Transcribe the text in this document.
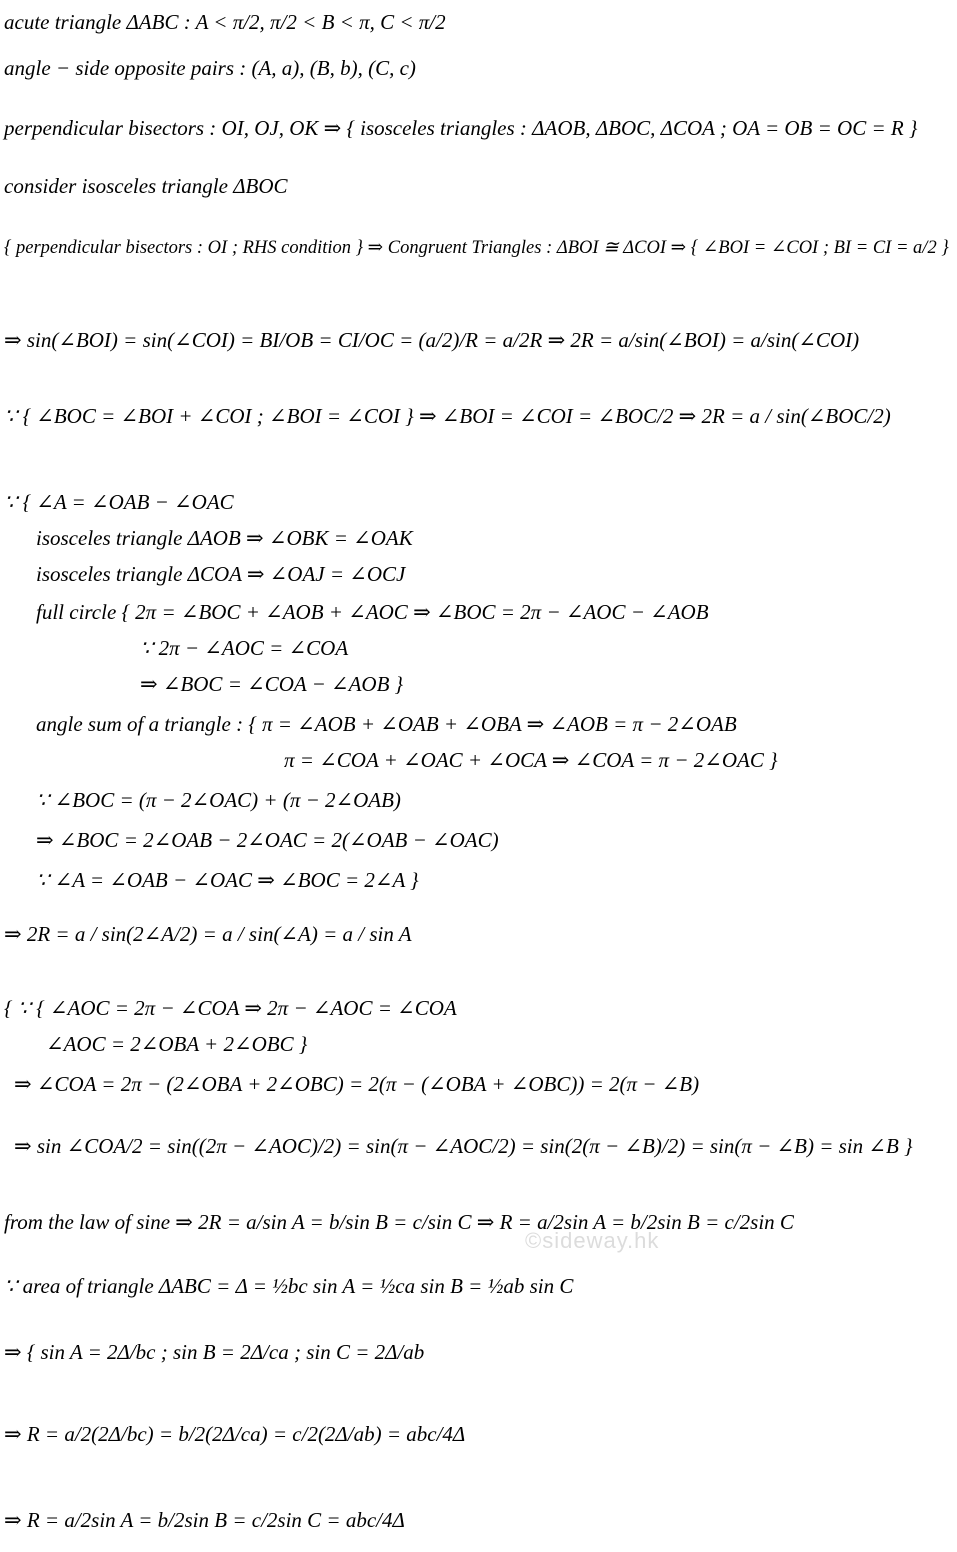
acute triangle ΔABC : A < π/2, π/2 < B < π, C < π/2
angle − side opposite pairs : (A, a), (B, b), (C, c)
perpendicular bisectors : OI, OJ, OK ⇒ { isosceles triangles : ΔAOB, ΔBOC, ΔCOA ; OA = OB = OC = R }
consider isosceles triangle ΔBOC
{ perpendicular bisectors : OI ; RHS condition } ⇒ Congruent Triangles : ΔBOI ≅ ΔCOI ⇒ { ∠BOI = ∠COI ; BI = CI = a/2 }
⇒ sin(∠BOI) = sin(∠COI) = BI/OB = CI/OC = (a/2)/R = a/2R ⇒ 2R = a/sin(∠BOI) = a/sin(∠COI)
∵ { ∠BOC = ∠BOI + ∠COI ; ∠BOI = ∠COI } ⇒ ∠BOI = ∠COI = ∠BOC/2 ⇒ 2R = a / sin(∠BOC/2)
∵ { ∠A = ∠OAB − ∠OAC
isosceles triangle ΔAOB ⇒ ∠OBK = ∠OAK
isosceles triangle ΔCOA ⇒ ∠OAJ = ∠OCJ
full circle { 2π = ∠BOC + ∠AOB + ∠AOC ⇒ ∠BOC = 2π − ∠AOC − ∠AOB
∵ 2π − ∠AOC = ∠COA
⇒ ∠BOC = ∠COA − ∠AOB }
angle sum of a triangle : { π = ∠AOB + ∠OAB + ∠OBA ⇒ ∠AOB = π − 2∠OAB
π = ∠COA + ∠OAC + ∠OCA ⇒ ∠COA = π − 2∠OAC }
∵ ∠BOC = (π − 2∠OAC) + (π − 2∠OAB)
⇒ ∠BOC = 2∠OAB − 2∠OAC = 2(∠OAB − ∠OAC)
∵ ∠A = ∠OAB − ∠OAC ⇒ ∠BOC = 2∠A }
⇒ 2R = a / sin(2∠A/2) = a / sin(∠A) = a / sin A
{ ∵ { ∠AOC = 2π − ∠COA ⇒ 2π − ∠AOC = ∠COA
∠AOC = 2∠OBA + 2∠OBC }
⇒ ∠COA = 2π − (2∠OBA + 2∠OBC) = 2(π − (∠OBA + ∠OBC)) = 2(π − ∠B)
⇒ sin ∠COA/2 = sin((2π − ∠AOC)/2) = sin(π − ∠AOC/2) = sin(2(π − ∠B)/2) = sin(π − ∠B) = sin ∠B }
from the law of sine ⇒ 2R = a/sin A = b/sin B = c/sin C ⇒ R = a/2sin A = b/2sin B = c/2sin C
∵ area of triangle ΔABC = Δ = ½bc sin A = ½ca sin B = ½ab sin C
⇒ { sin A = 2Δ/bc ; sin B = 2Δ/ca ; sin C = 2Δ/ab
⇒ R = a/2(2Δ/bc) = b/2(2Δ/ca) = c/2(2Δ/ab) = abc/4Δ
⇒ R = a/2sin A = b/2sin B = c/2sin C = abc/4Δ
©sideway.hk
